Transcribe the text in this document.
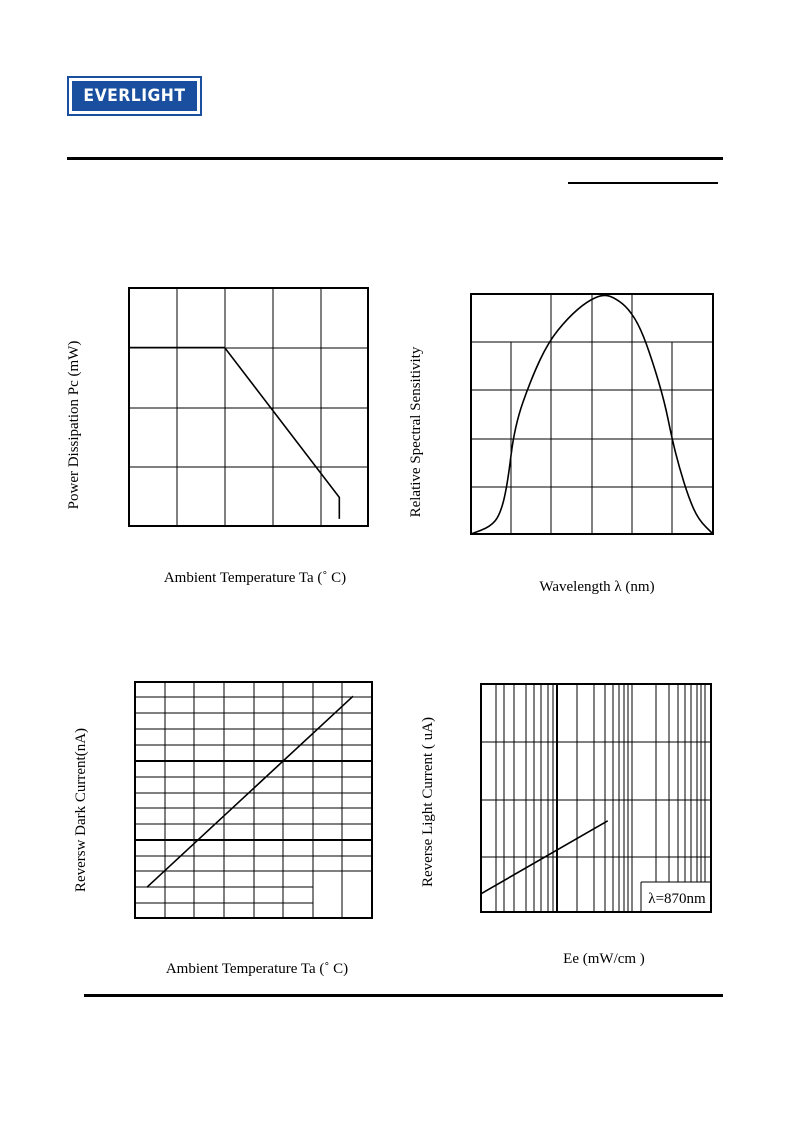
EVERLIGHT
Ambient Temperature Ta (˚ C)
Power Dissipation Pc (mW)
Wavelength λ (nm)
Relative Spectral Sensitivity
Ambient Temperature Ta (˚ C)
Reversw Dark Current(nA)
Ee (mW/cm )
Reverse Light Current ( uA)
λ=870nm
